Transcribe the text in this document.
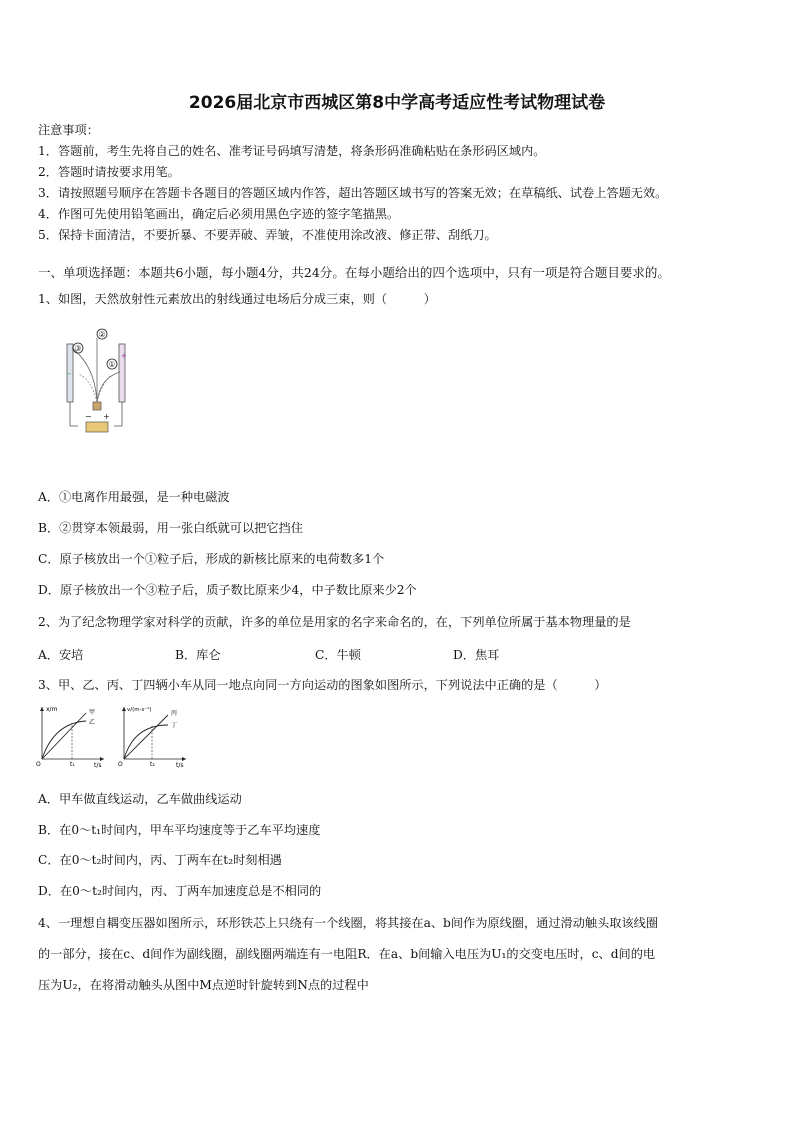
2026届北京市西城区第8中学高考适应性考试物理试卷
注意事项：
1．答题前，考生先将自己的姓名、准考证号码填写清楚，将条形码准确粘贴在条形码区域内。
2．答题时请按要求用笔。
3．请按照题号顺序在答题卡各题目的答题区域内作答，超出答题区域书写的答案无效；在草稿纸、试卷上答题无效。
4．作图可先使用铅笔画出，确定后必须用黑色字迹的签字笔描黑。
5．保持卡面清洁，不要折暴、不要弄破、弄皱，不准使用涂改液、修正带、刮纸刀。
一、单项选择题：本题共6小题，每小题4分，共24分。在每小题给出的四个选项中，只有一项是符合题目要求的。
1、如图，天然放射性元素放出的射线通过电场后分成三束，则（　　　）
−
+
②
③
①
− +
A．①电离作用最强，是一种电磁波
B．②贯穿本领最弱，用一张白纸就可以把它挡住
C．原子核放出一个①粒子后，形成的新核比原来的电荷数多1个
D．原子核放出一个③粒子后，质子数比原来少4，中子数比原来少2个
2、为了纪念物理学家对科学的贡献，许多的单位是用家的名字来命名的，在，下列单位所属于基本物理量的是
A．安培	B．库仑	C．牛顿	D．焦耳
3、甲、乙、丙、丁四辆小车从同一地点向同一方向运动的图象如图所示，下列说法中正确的是（　　　）
x/m
t/s
O	t₁
甲
乙
v/(m·s⁻¹)
t/s
O	t₂
丙
丁
A．甲车做直线运动，乙车做曲线运动
B．在0～t₁时间内，甲车平均速度等于乙车平均速度
C．在0～t₂时间内，丙、丁两车在t₂时刻相遇
D．在0～t₂时间内，丙、丁两车加速度总是不相同的
4、一理想自耦变压器如图所示，环形铁芯上只绕有一个线圈，将其接在a、b间作为原线圈，通过滑动触头取该线圈
的一部分，接在c、d间作为副线圈，副线圈两端连有一电阻R．在a、b间输入电压为U₁的交变电压时，c、d间的电
压为U₂，在将滑动触头从图中M点逆时针旋转到N点的过程中
